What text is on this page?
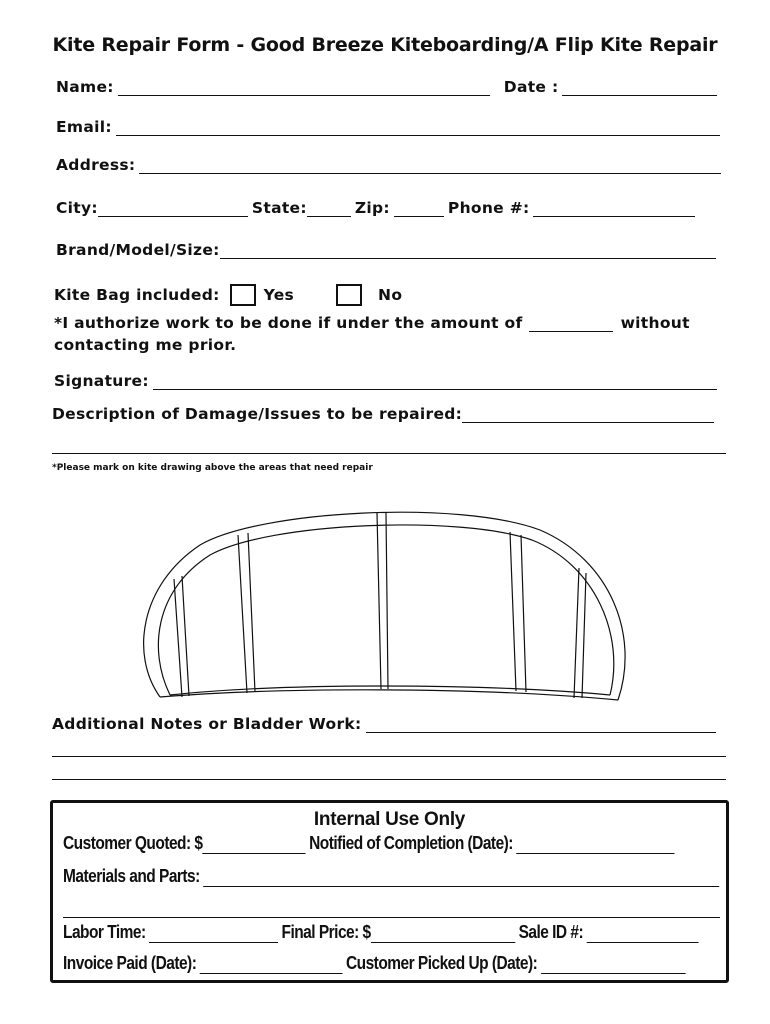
Kite Repair Form - Good Breeze Kiteboarding/A Flip Kite Repair
Name:	Date :
Email:
Address:
City:	State:	Zip:	Phone #:
Brand/Model/Size:
Kite Bag included:	Yes	No
*I authorize work to be done if under the amount of	without
contacting me prior.
Signature:
Description of Damage/Issues to be repaired:
*Please mark on kite drawing above the areas that need repair
Additional Notes or Bladder Work:
Internal Use Only
Customer Quoted: $	Notified of Completion (Date):
Materials and Parts:
Labor Time:	Final Price: $	Sale ID #:
Invoice Paid (Date):	Customer Picked Up (Date):
